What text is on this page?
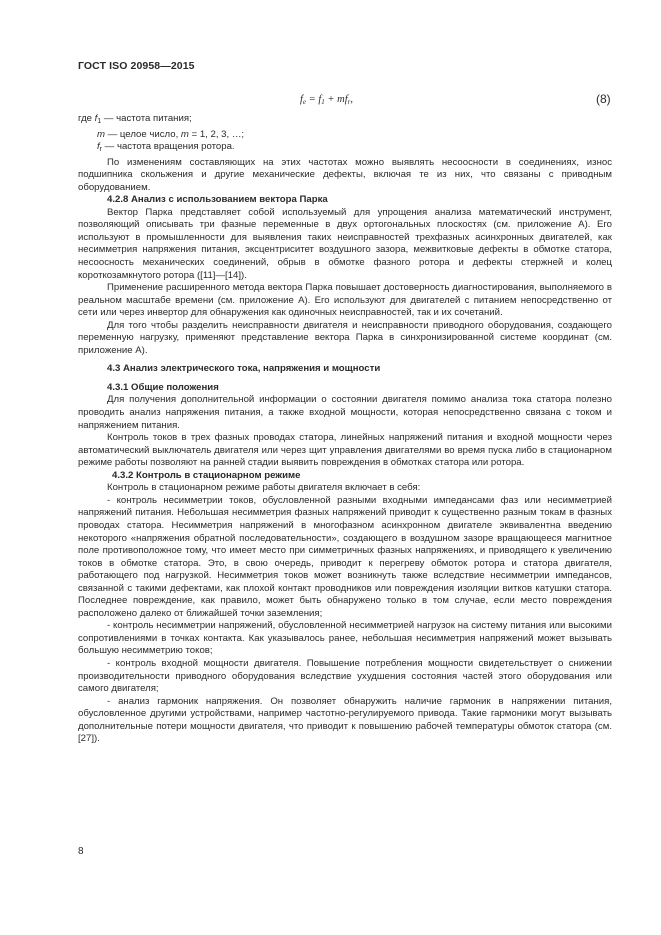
ГОСТ ISO 20958—2015
$f_e = f_1 + mf_r$,	(8)

где $f_1$ — частота питания;

m — целое число, m = 1, 2, 3, …;

$f_r$ — частота вращения ротора.

По изменениям составляющих на этих частотах можно выявлять несоосности в соединениях, износ подшипника скольжения и другие механические дефекты, включая те из них, что связаны с приводным оборудованием.

4.2.8 Анализ с использованием вектора Парка

Вектор Парка представляет собой используемый для упрощения анализа математический инструмент, позволяющий описывать три фазные переменные в двух ортогональных плоскостях (см. приложение А). Его используют в промышленности для выявления таких неисправностей трехфазных асинхронных двигателей, как несимметрия напряжения питания, эксцентриситет воздушного зазора, межвитковые дефекты в обмотке статора, несоосность механических соединений, обрыв в обмотке фазного ротора и дефекты стержней и колец короткозамкнутого ротора ([11]—[14]).

Применение расширенного метода вектора Парка повышает достоверность диагностирования, выполняемого в реальном масштабе времени (см. приложение А). Его используют для двигателей с питанием непосредственно от сети или через инвертор для обнаружения как одиночных неисправностей, так и их сочетаний.

Для того чтобы разделить неисправности двигателя и неисправности приводного оборудования, создающего переменную нагрузку, применяют представление вектора Парка в синхронизированной системе координат (см. приложение А).

4.3 Анализ электрического тока, напряжения и мощности

4.3.1 Общие положения

Для получения дополнительной информации о состоянии двигателя помимо анализа тока статора полезно проводить анализ напряжения питания, а также входной мощности, которая непосредственно связана с током и напряжением питания.

Контроль токов в трех фазных проводах статора, линейных напряжений питания и входной мощности через автоматический выключатель двигателя или через щит управления двигателями во время пуска либо в стационарном режиме работы позволяют на ранней стадии выявить повреждения в обмотках статора или ротора.

4.3.2 Контроль в стационарном режиме

Контроль в стационарном режиме работы двигателя включает в себя:

- контроль несимметрии токов, обусловленной разными входными импедансами фаз или несимметрией напряжений питания. Небольшая несимметрия фазных напряжений приводит к существенно разным токам в фазных проводах статора. Несимметрия напряжений в многофазном асинхронном двигателе эквивалентна введению некоторого «напряжения обратной последовательности», создающего в воздушном зазоре вращающееся магнитное поле противоположное тому, что имеет место при симметричных фазных напряжениях, и приводящего к увеличению токов в обмотке статора. Это, в свою очередь, приводит к перегреву обмоток ротора и статора двигателя, работающего под нагрузкой. Несимметрия токов может возникнуть также вследствие несимметрии импедансов, связанной с такими дефектами, как плохой контакт проводников или повреждения изоляции витков катушки статора. Последнее повреждение, как правило, может быть обнаружено только в том случае, если место повреждения расположено далеко от ближайшей точки заземления;

- контроль несимметрии напряжений, обусловленной несимметрией нагрузок на систему питания или высокими сопротивлениями в точках контакта. Как указывалось ранее, небольшая несимметрия напряжений может вызывать большую несимметрию токов;

- контроль входной мощности двигателя. Повышение потребления мощности свидетельствует о снижении производительности приводного оборудования вследствие ухудшения состояния частей этого оборудования или самого двигателя;

- анализ гармоник напряжения. Он позволяет обнаружить наличие гармоник в напряжении питания, обусловленное другими устройствами, например частотно-регулируемого привода. Такие гармоники могут вызывать дополнительные потери мощности двигателя, что приводит к повышению рабочей температуры обмоток статора (см. [27]).

8
